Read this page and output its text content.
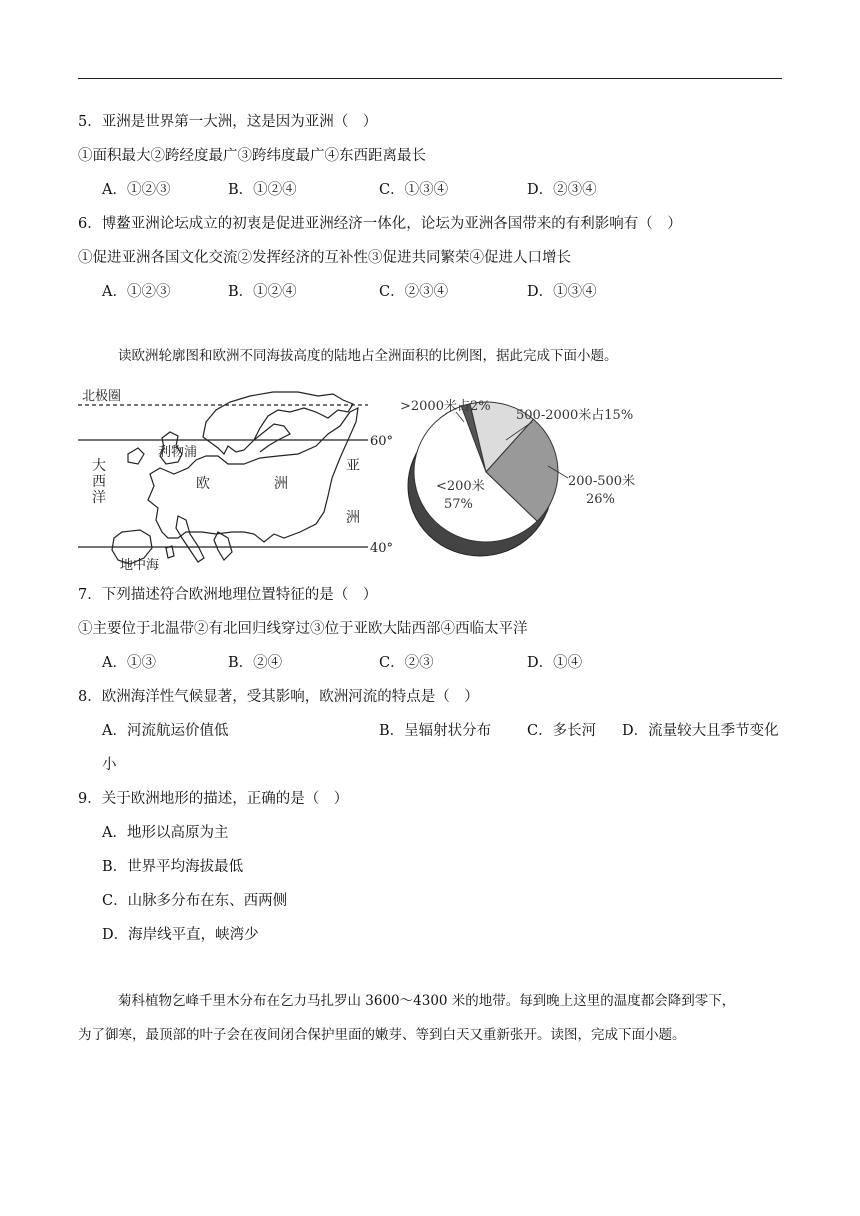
5．亚洲是世界第一大洲，这是因为亚洲（　）
①面积最大②跨经度最广③跨纬度最广④东西距离最长
A．①②③	B．①②④	C．①③④	D．②③④
6．博鳌亚洲论坛成立的初衷是促进亚洲经济一体化，论坛为亚洲各国带来的有利影响有（　）
①促进亚洲各国文化交流②发挥经济的互补性③促进共同繁荣④促进人口增长
A．①②③	B．①②④	C．②③④	D．①③④
读欧洲轮廓图和欧洲不同海拔高度的陆地占全洲面积的比例图，据此完成下面小题。
北极圈
60°
40°
利物浦
大
西
洋
欧	洲
亚
洲
地中海
>2000米占2%
500-2000米占15%
200-500米
26%
<200米
57%
7．下列描述符合欧洲地理位置特征的是（　）
①主要位于北温带②有北回归线穿过③位于亚欧大陆西部④西临太平洋
A．①③	B．②④	C．②③	D．①④
8．欧洲海洋性气候显著，受其影响，欧洲河流的特点是（　）
A．河流航运价值低	B．呈辐射状分布 C．多长河 D．流量较大且季节变化
小
9．关于欧洲地形的描述，正确的是（　）
A．地形以高原为主
B．世界平均海拔最低
C．山脉多分布在东、西两侧
D．海岸线平直，峡湾少
菊科植物乞峰千里木分布在乞力马扎罗山 3600～4300 米的地带。每到晚上这里的温度都会降到零下，
为了御寒，最顶部的叶子会在夜间闭合保护里面的嫩芽、等到白天又重新张开。读图，完成下面小题。
